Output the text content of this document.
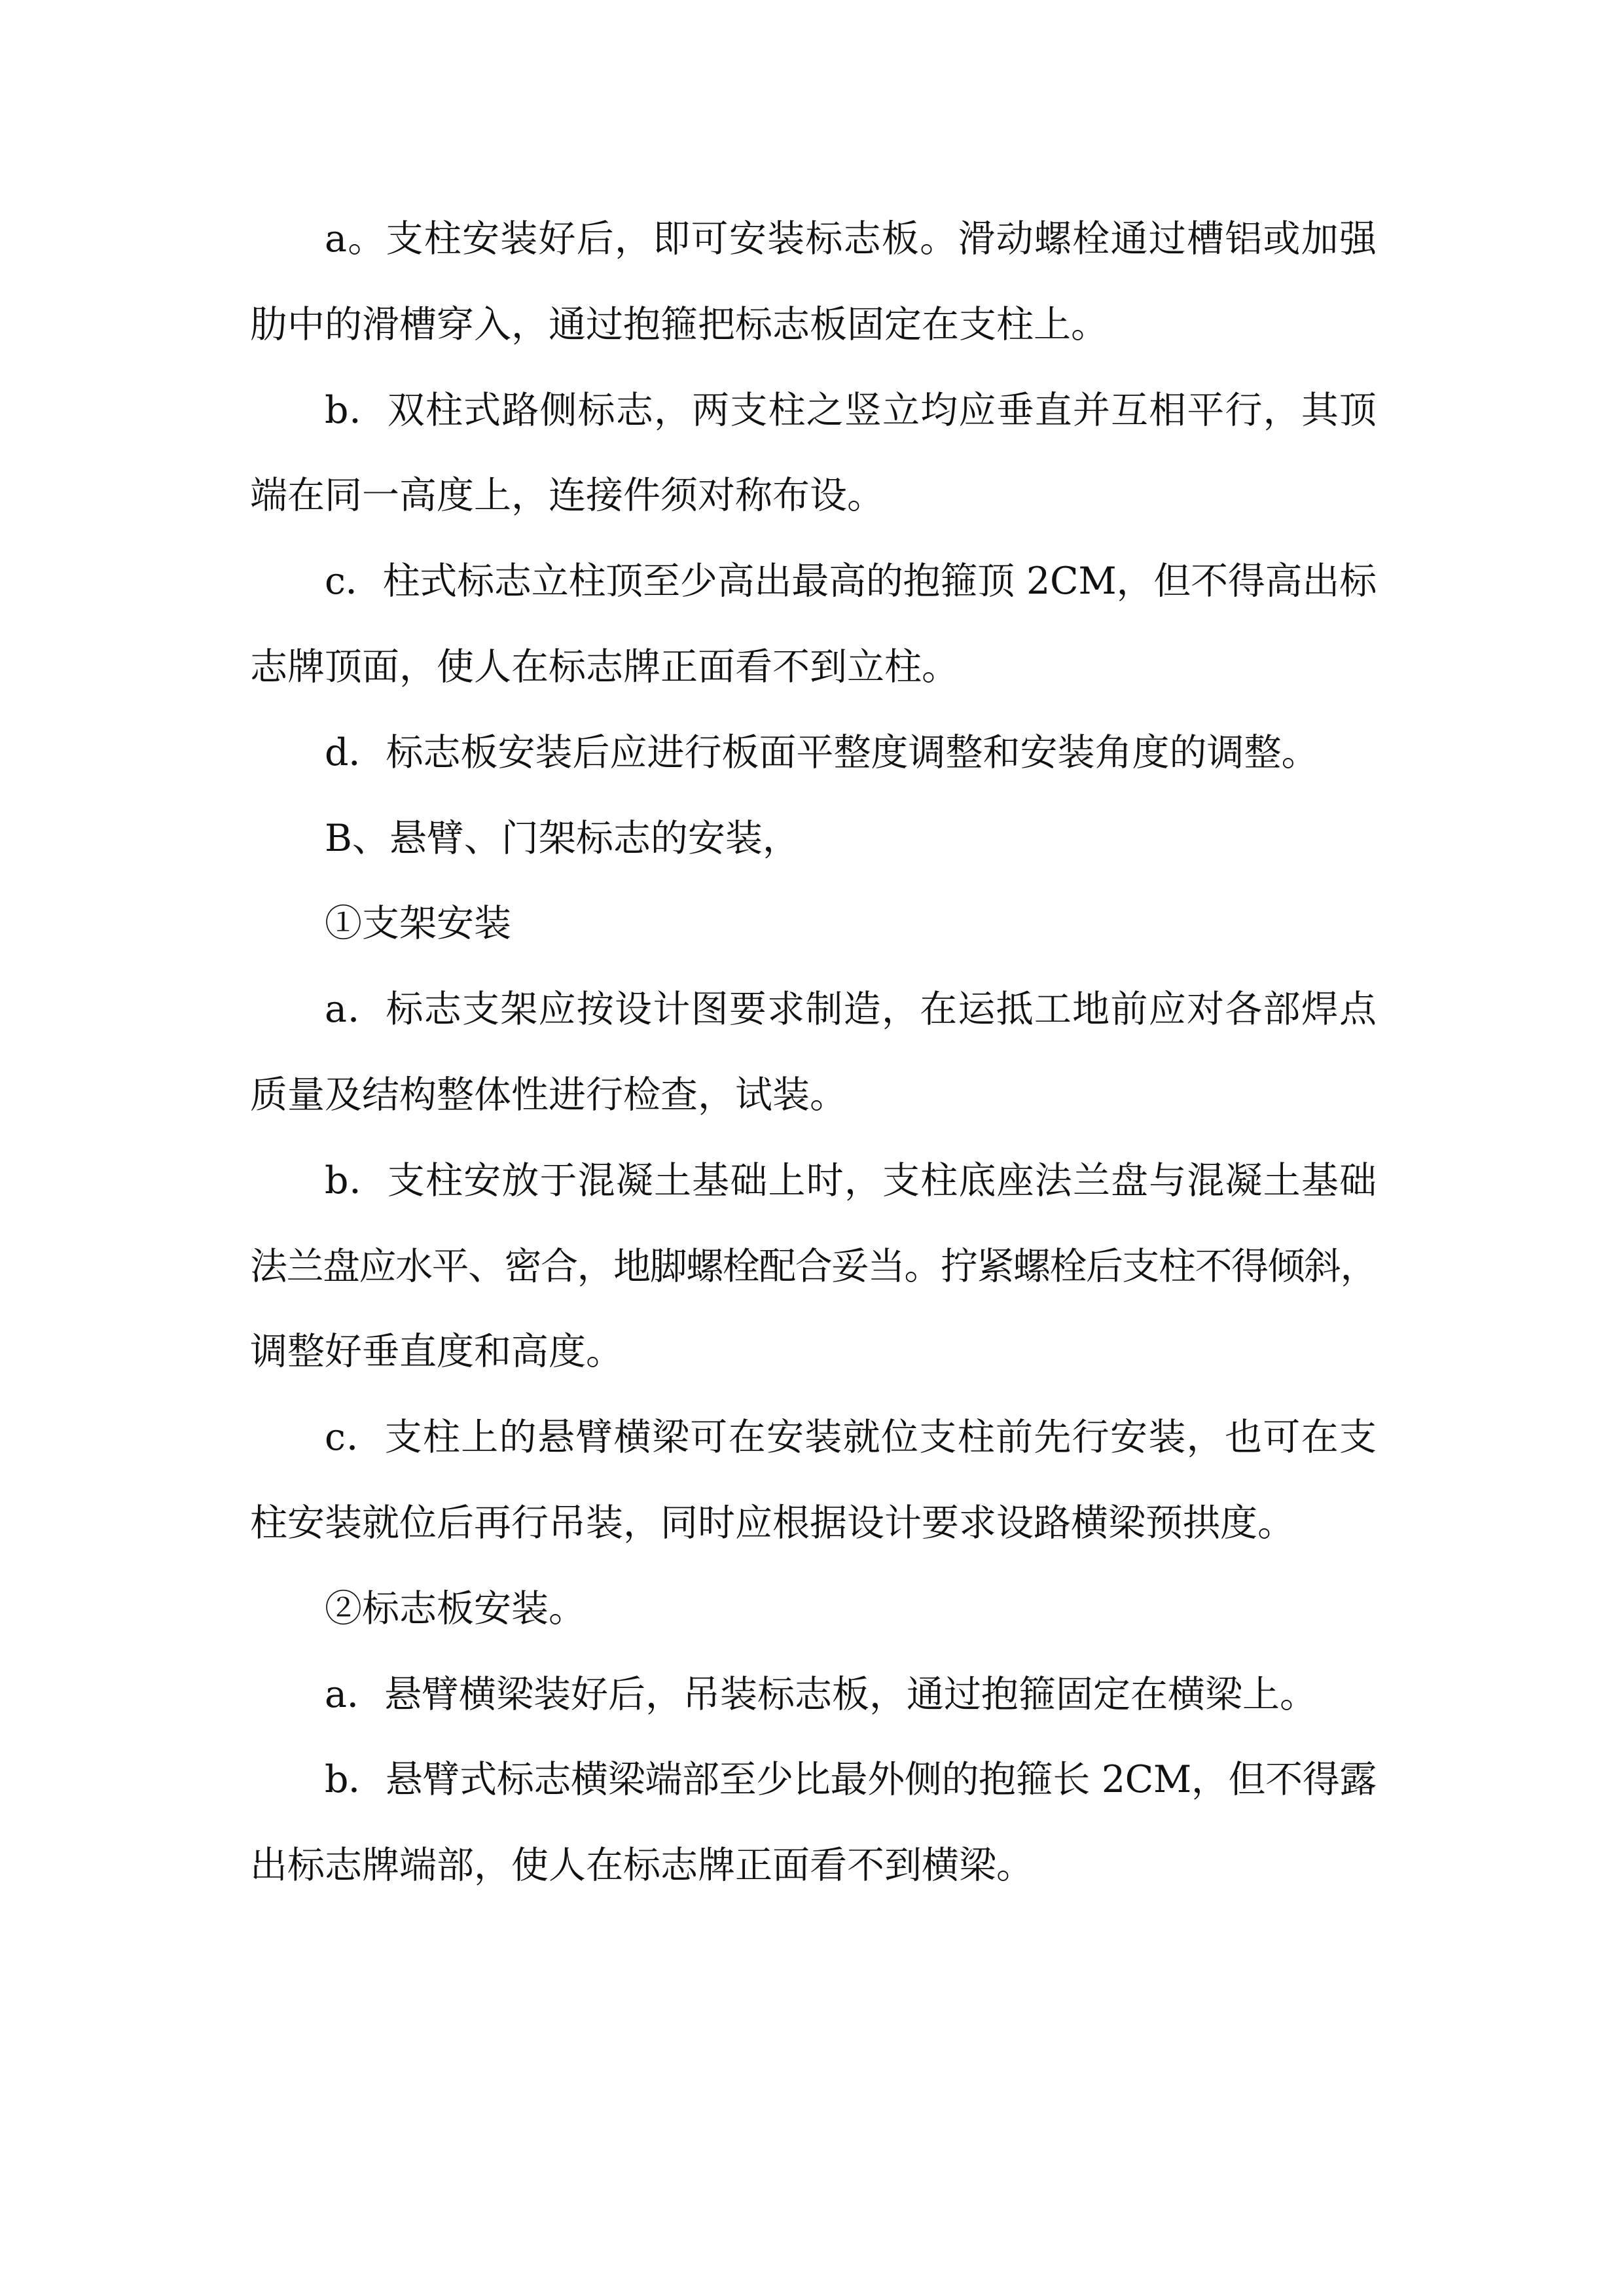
a。支柱安装好后，即可安装标志板。滑动螺栓通过槽铝或加强
肋中的滑槽穿入，通过抱箍把标志板固定在支柱上。
b．双柱式路侧标志，两支柱之竖立均应垂直并互相平行，其顶
端在同一高度上，连接件须对称布设。
c．柱式标志立柱顶至少高出最高的抱箍顶 2CM，但不得高出标
志牌顶面，使人在标志牌正面看不到立柱。
d．标志板安装后应进行板面平整度调整和安装角度的调整。
B、悬臂、门架标志的安装，
①支架安装
a．标志支架应按设计图要求制造，在运抵工地前应对各部焊点
质量及结构整体性进行检查，试装。
b．支柱安放于混凝土基础上时，支柱底座法兰盘与混凝土基础
法兰盘应水平、密合，地脚螺栓配合妥当。拧紧螺栓后支柱不得倾斜，
调整好垂直度和高度。
c．支柱上的悬臂横梁可在安装就位支柱前先行安装，也可在支
柱安装就位后再行吊装，同时应根据设计要求设路横梁预拱度。
②标志板安装。
a．悬臂横梁装好后，吊装标志板，通过抱箍固定在横梁上。
b．悬臂式标志横梁端部至少比最外侧的抱箍长 2CM，但不得露
出标志牌端部，使人在标志牌正面看不到横梁。
